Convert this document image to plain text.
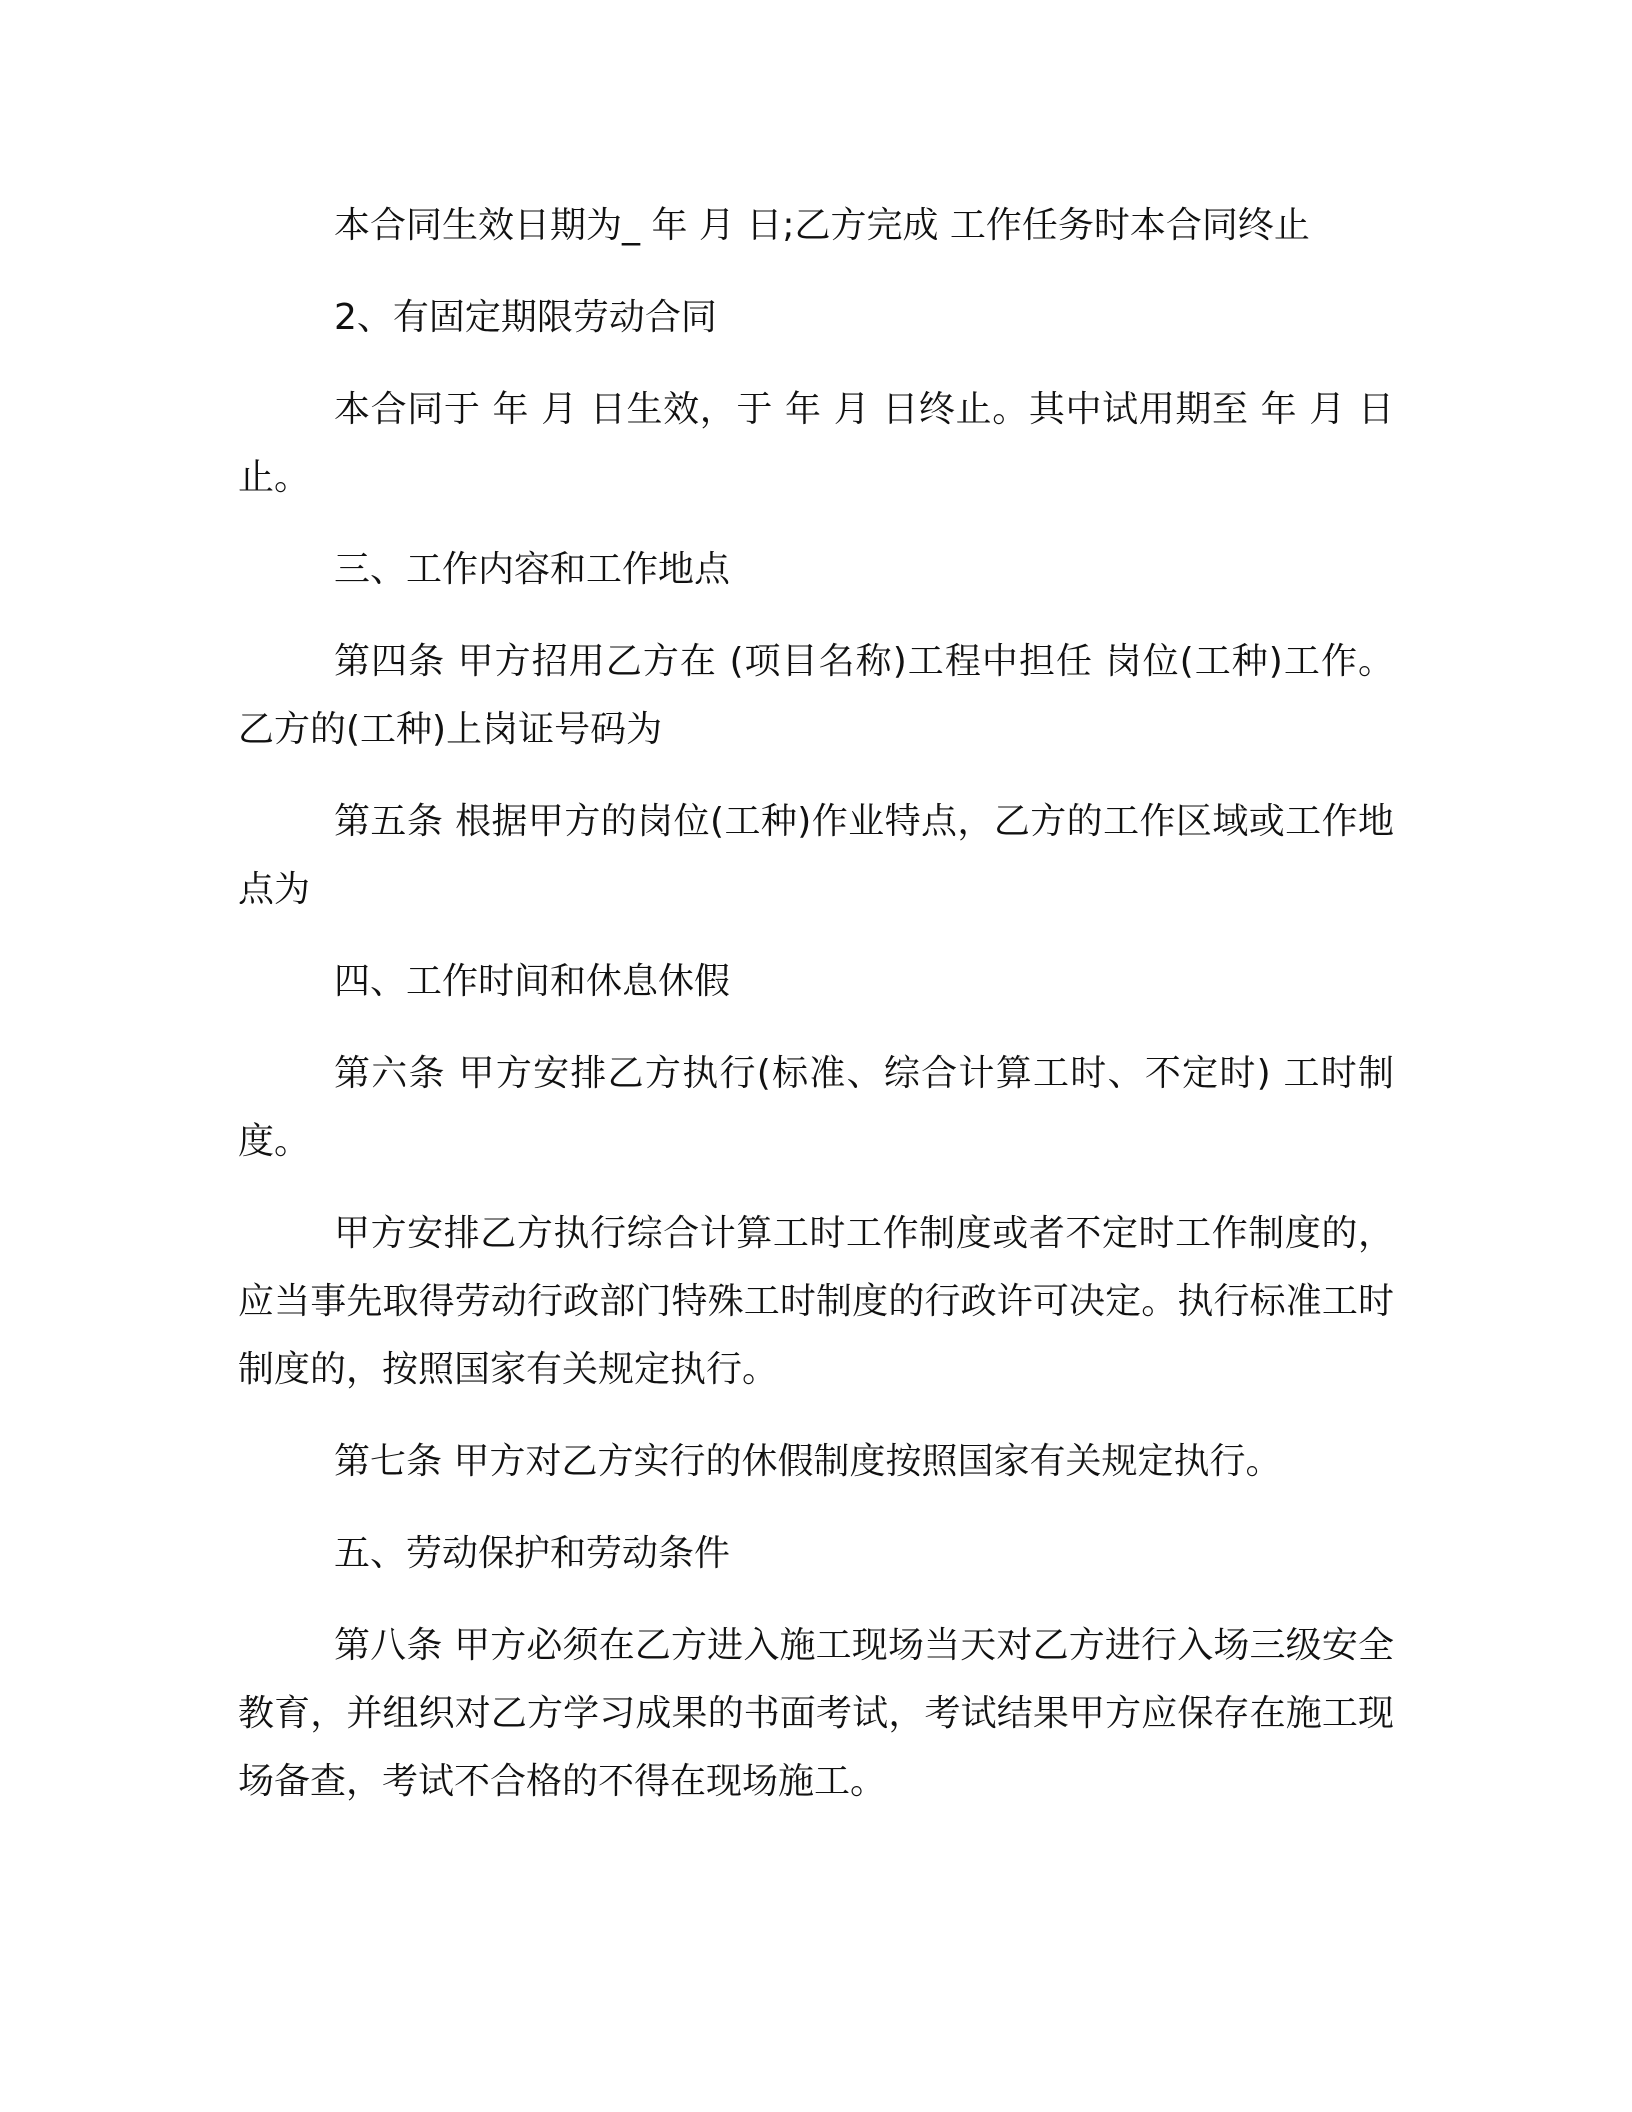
本合同生效日期为_ 年 月 日;乙方完成 工作任务时本合同终止

2、有固定期限劳动合同

本合同于 年 月 日生效，于 年 月 日终止。其中试用期至 年 月 日止。

三、工作内容和工作地点

第四条 甲方招用乙方在 (项目名称)工程中担任 岗位(工种)工作。乙方的(工种)上岗证号码为

第五条 根据甲方的岗位(工种)作业特点，乙方的工作区域或工作地点为

四、工作时间和休息休假

第六条 甲方安排乙方执行(标准、综合计算工时、不定时) 工时制度。

甲方安排乙方执行综合计算工时工作制度或者不定时工作制度的，应当事先取得劳动行政部门特殊工时制度的行政许可决定。执行标准工时制度的，按照国家有关规定执行。

第七条 甲方对乙方实行的休假制度按照国家有关规定执行。

五、劳动保护和劳动条件

第八条 甲方必须在乙方进入施工现场当天对乙方进行入场三级安全教育，并组织对乙方学习成果的书面考试，考试结果甲方应保存在施工现场备查，考试不合格的不得在现场施工。
